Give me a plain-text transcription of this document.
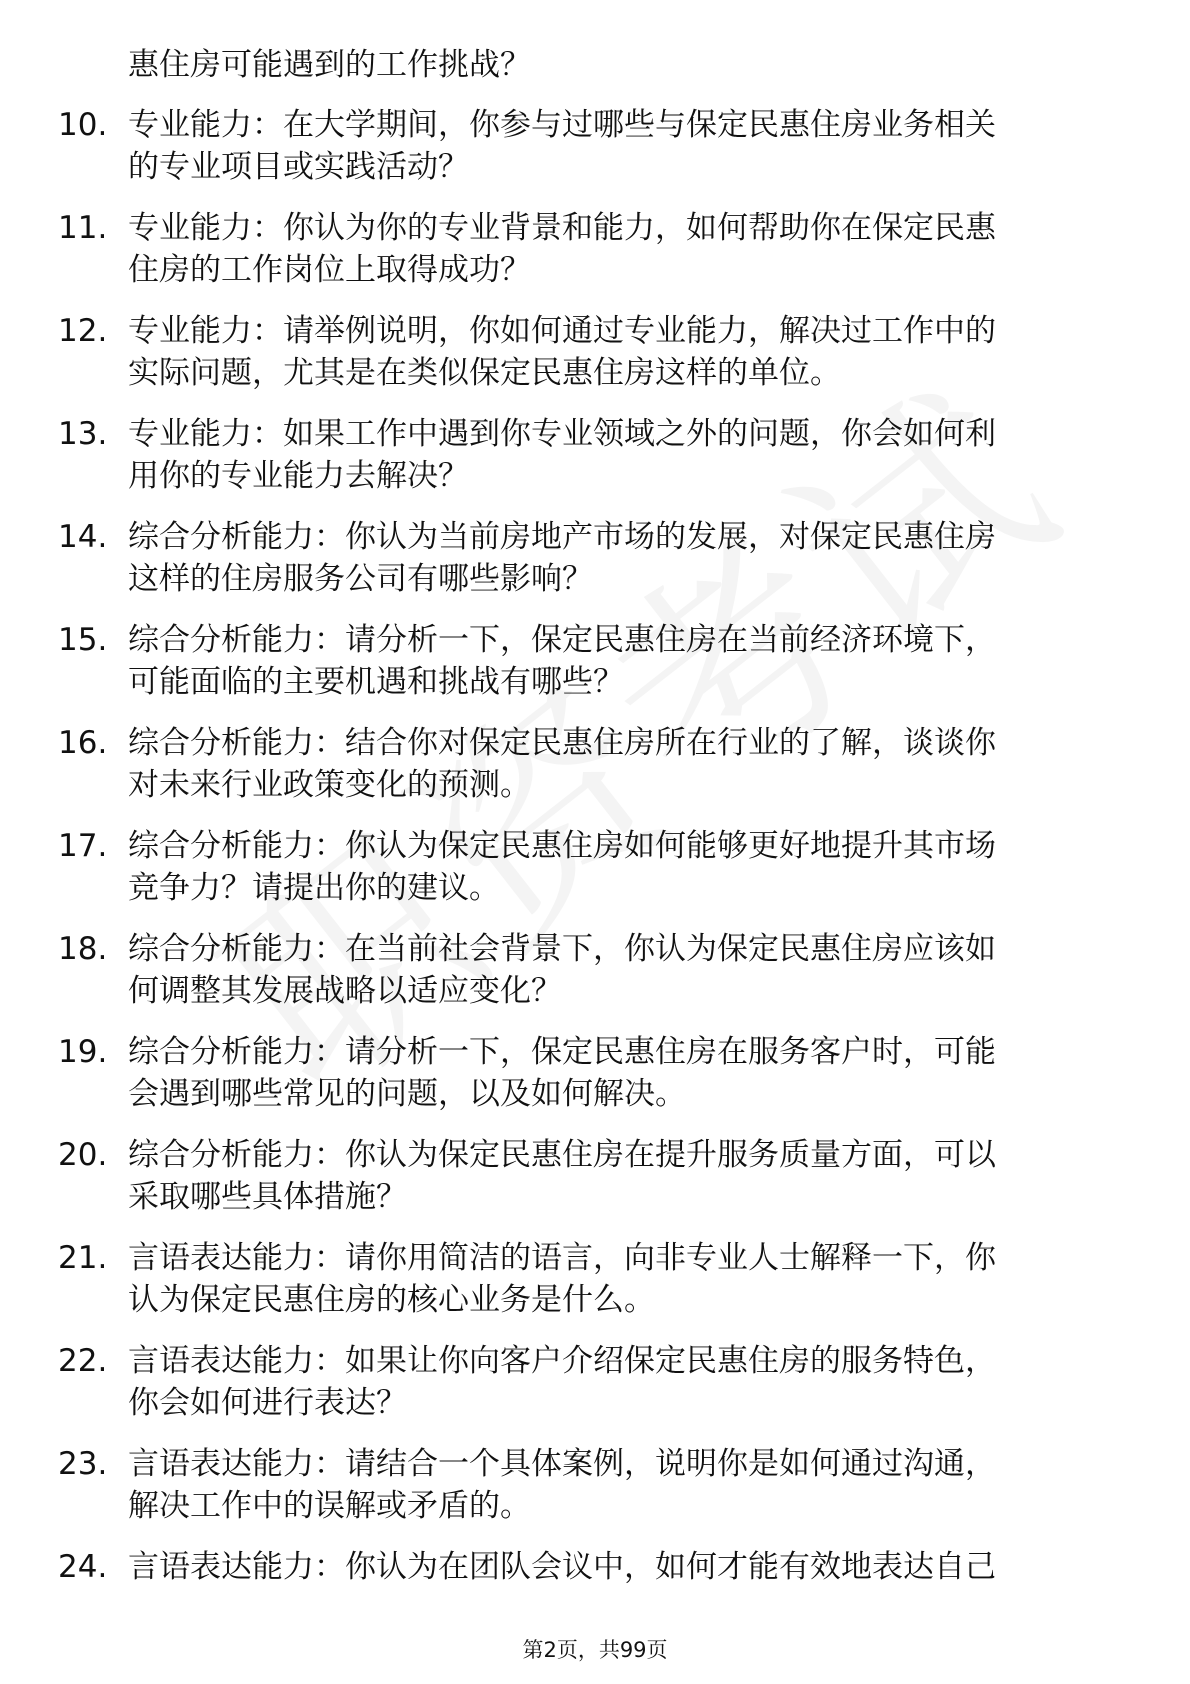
惠住房可能遇到的工作挑战？
10. 专业能力：在大学期间，你参与过哪些与保定民惠住房业务相关
的专业项目或实践活动？
11. 专业能力：你认为你的专业背景和能力，如何帮助你在保定民惠
住房的工作岗位上取得成功？
12. 专业能力：请举例说明，你如何通过专业能力，解决过工作中的
实际问题，尤其是在类似保定民惠住房这样的单位。
13. 专业能力：如果工作中遇到你专业领域之外的问题，你会如何利
用你的专业能力去解决？
14. 综合分析能力：你认为当前房地产市场的发展，对保定民惠住房
这样的住房服务公司有哪些影响？
15. 综合分析能力：请分析一下，保定民惠住房在当前经济环境下，
可能面临的主要机遇和挑战有哪些？
16. 综合分析能力：结合你对保定民惠住房所在行业的了解，谈谈你
对未来行业政策变化的预测。
17. 综合分析能力：你认为保定民惠住房如何能够更好地提升其市场
竞争力？请提出你的建议。
18. 综合分析能力：在当前社会背景下，你认为保定民惠住房应该如
何调整其发展战略以适应变化？
19. 综合分析能力：请分析一下，保定民惠住房在服务客户时，可能
会遇到哪些常见的问题，以及如何解决。
20. 综合分析能力：你认为保定民惠住房在提升服务质量方面，可以
采取哪些具体措施？
21. 言语表达能力：请你用简洁的语言，向非专业人士解释一下，你
认为保定民惠住房的核心业务是什么。
22. 言语表达能力：如果让你向客户介绍保定民惠住房的服务特色，
你会如何进行表达？
23. 言语表达能力：请结合一个具体案例，说明你是如何通过沟通，
解决工作中的误解或矛盾的。
24. 言语表达能力：你认为在团队会议中，如何才能有效地表达自己
第2页，共99页
